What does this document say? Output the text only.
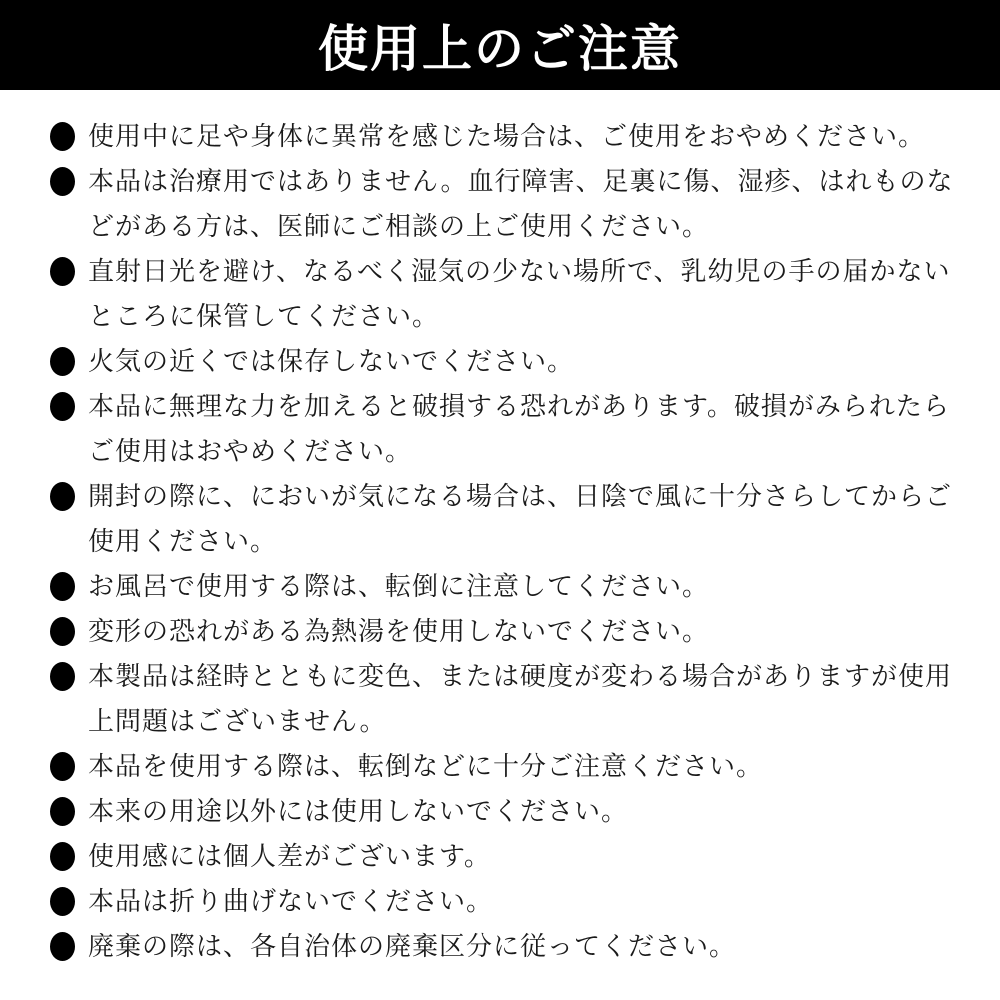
使用上のご注意
使用中に足や身体に異常を感じた場合は、ご使用をおやめください。
本品は治療用ではありません。血行障害、足裏に傷、湿疹、はれものなどがある方は、医師にご相談の上ご使用ください。
直射日光を避け、なるべく湿気の少ない場所で、乳幼児の手の届かないところに保管してください。
火気の近くでは保存しないでください。
本品に無理な力を加えると破損する恐れがあります。破損がみられたらご使用はおやめください。
開封の際に、においが気になる場合は、日陰で風に十分さらしてからご使用ください。
お風呂で使用する際は、転倒に注意してください。
変形の恐れがある為熱湯を使用しないでください。
本製品は経時とともに変色、または硬度が変わる場合がありますが使用上問題はございません。
本品を使用する際は、転倒などに十分ご注意ください。
本来の用途以外には使用しないでください。
使用感には個人差がございます。
本品は折り曲げないでください。
廃棄の際は、各自治体の廃棄区分に従ってください。
